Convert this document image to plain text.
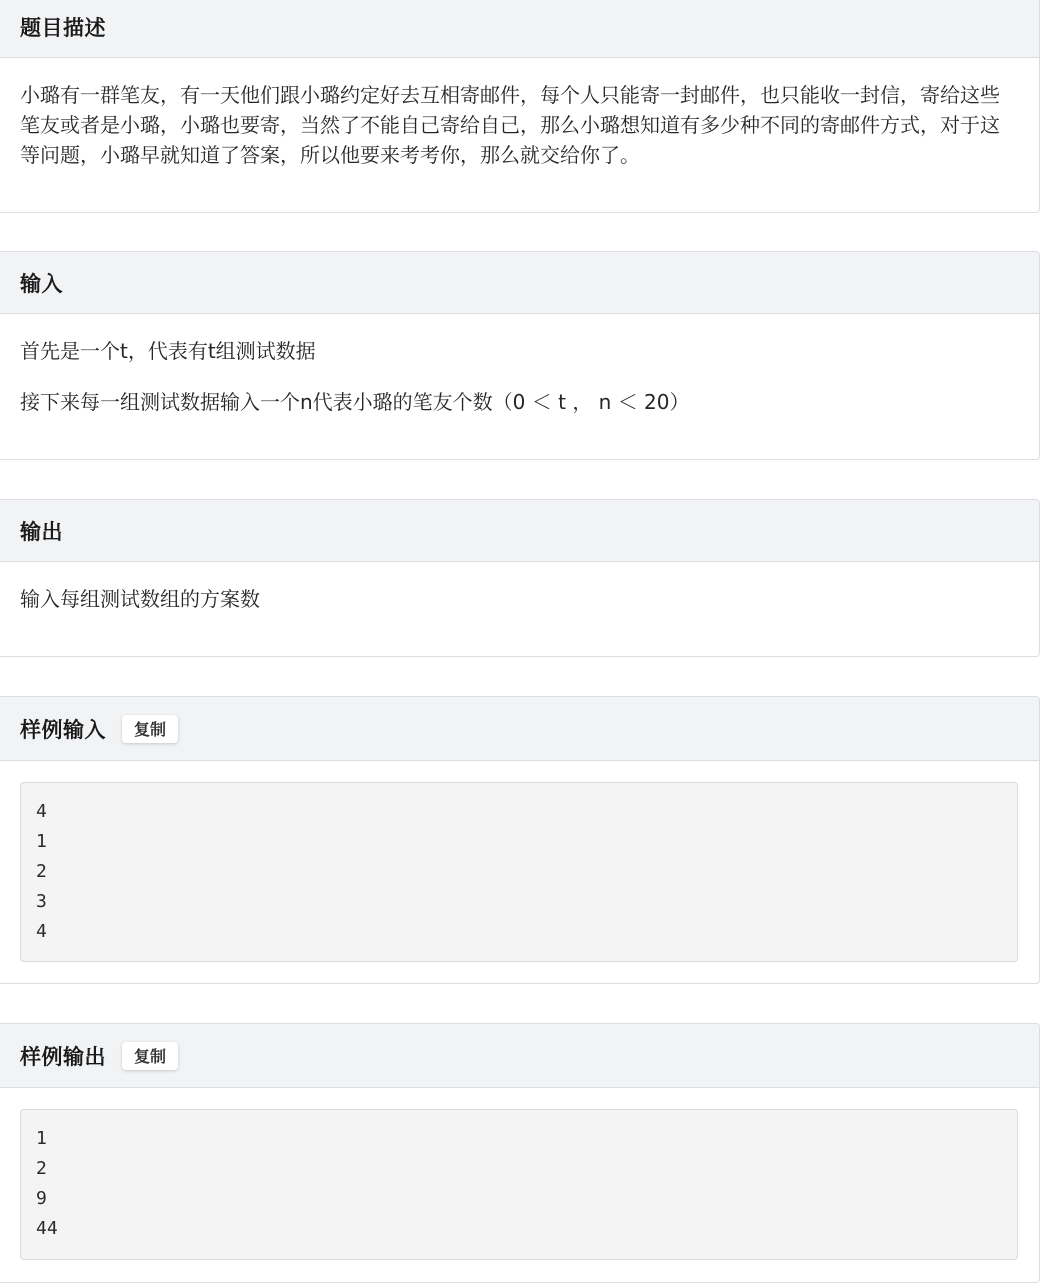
题目描述

小璐有一群笔友，有一天他们跟小璐约定好去互相寄邮件，每个人只能寄一封邮件，也只能收一封信，寄给这些笔友或者是小璐，小璐也要寄，当然了不能自己寄给自己，那么小璐想知道有多少种不同的寄邮件方式，对于这等问题，小璐早就知道了答案，所以他要来考考你，那么就交给你了。

输入

首先是一个t，代表有t组测试数据

接下来每一组测试数据输入一个n代表小璐的笔友个数（0 ＜ t ， n ＜ 20）

输出

输入每组测试数组的方案数

样例输入	复制
4
1
2
3
4
样例输出	复制
1
2
9
44
